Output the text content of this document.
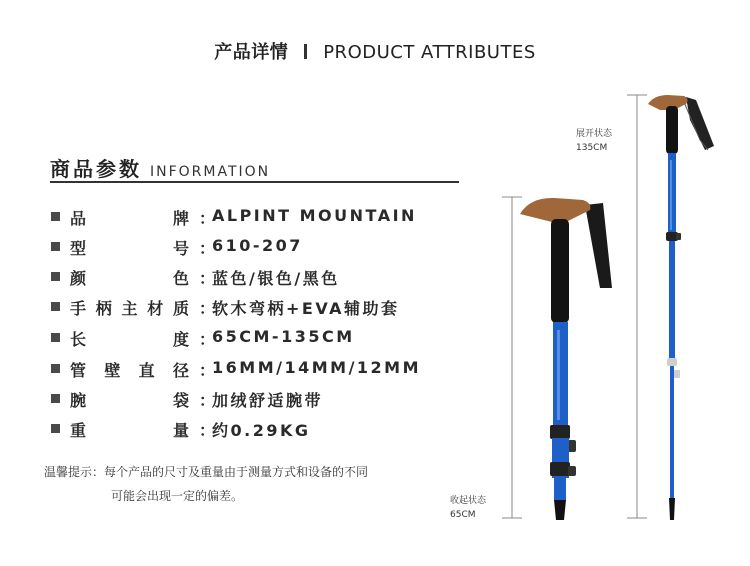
产品详情 PRODUCT ATTRIBUTES
商品参数 INFORMATION
品牌 ：
ALPINT MOUNTAIN
型号 ：
610-207
颜色 ：
蓝色/银色/黑色
手柄主材质 ：
软木弯柄+EVA辅助套
长度 ：
65CM-135CM
管壁直径 ：
16MM/14MM/12MM
腕袋 ：
加绒舒适腕带
重量 ：
约0.29KG
温馨提示：每个产品的尺寸及重量由于测量方式和设备的不同
可能会出现一定的偏差。
展开状态
135CM
收起状态
65CM
